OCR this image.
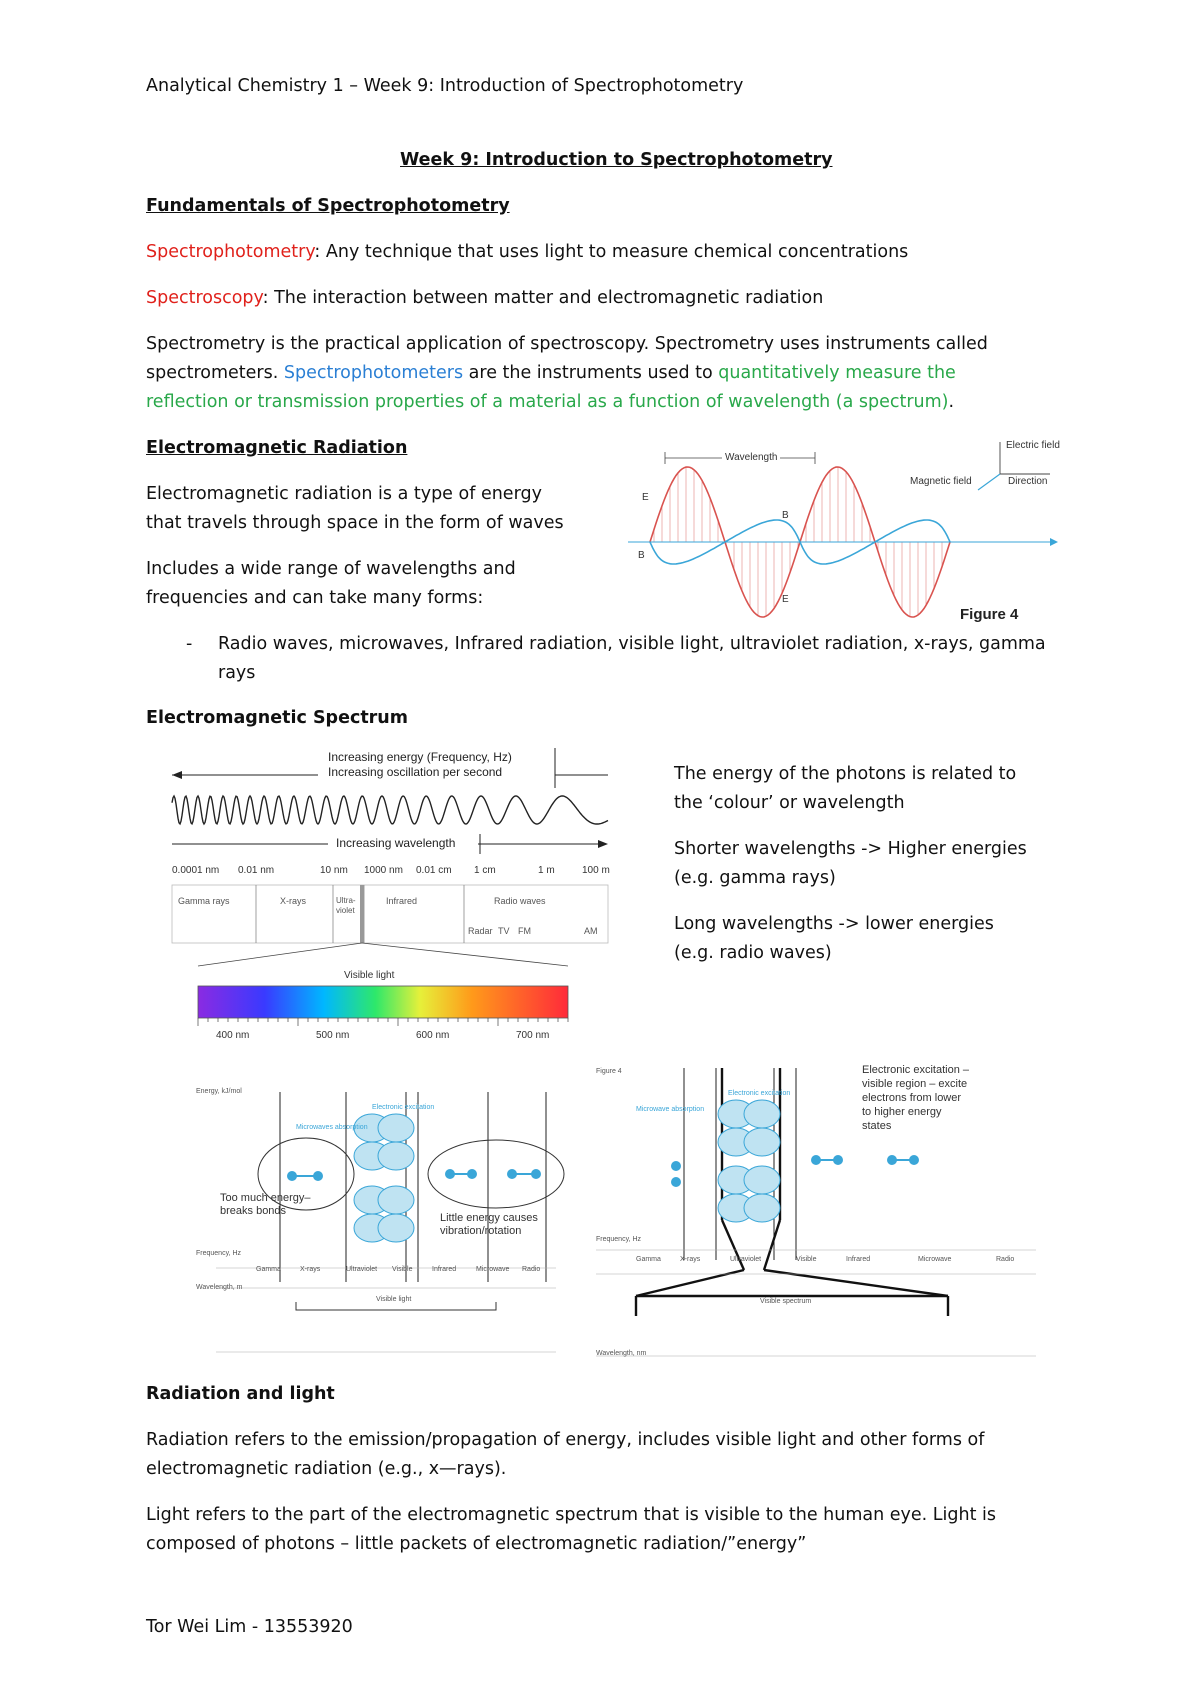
Analytical Chemistry 1 – Week 9: Introduction of Spectrophotometry
Week 9: Introduction to Spectrophotometry
Fundamentals of Spectrophotometry
Spectrophotometry: Any technique that uses light to measure chemical concentrations
Spectroscopy: The interaction between matter and electromagnetic radiation
Spectrometry is the practical application of spectroscopy. Spectrometry uses instruments called
spectrometers. Spectrophotometers are the instruments used to quantitatively measure the
reflection or transmission properties of a material as a function of wavelength (a spectrum).
Electromagnetic Radiation
Electromagnetic radiation is a type of energy
that travels through space in the form of waves
Includes a wide range of wavelengths and
frequencies and can take many forms:
- Radio waves, microwaves, Infrared radiation, visible light, ultraviolet radiation, x-rays, gamma
rays
Wavelength
Electric field
Magnetic field	Direction
E
B
B
E
Figure 4
Electromagnetic Spectrum
Increasing energy (Frequency, Hz)
Increasing oscillation per second
Increasing wavelength
0.0001 nm 0.01 nm	10 nm 1000 nm 0.01 cm 1 cm	1 m	100 m
Gamma rays	X-rays	Ultra-violet
Infrared	Radio waves
Radar TV FM	AM
Visible light
400 nm	500 nm	600 nm	700 nm
The energy of the photons is related to
the ‘colour’ or wavelength
Shorter wavelengths -> Higher energies
(e.g. gamma rays)
Long wavelengths -> lower energies
(e.g. radio waves)
Energy, kJ/mol
Microwaves absorption
Electronic excitation
Too much energy–
breaks bonds
Little energy causes
vibration/rotation
Frequency, Hz
Gamma	X-rays	Ultraviolet Visible	Infrared	Microwave Radio
Wavelength, m
Visible light
Figure 4
Microwave absorption
Electronic excitation
Electronic excitation –
visible region – excite
electrons from lower
to higher energy
states
Frequency, Hz
Gamma	X-rays	Ultraviolet	Visible	Infrared	Microwave	Radio
Visible spectrum
Wavelength, nm
Radiation and light
Radiation refers to the emission/propagation of energy, includes visible light and other forms of
electromagnetic radiation (e.g., x—rays).
Light refers to the part of the electromagnetic spectrum that is visible to the human eye. Light is
composed of photons – little packets of electromagnetic radiation/”energy”
Tor Wei Lim - 13553920
